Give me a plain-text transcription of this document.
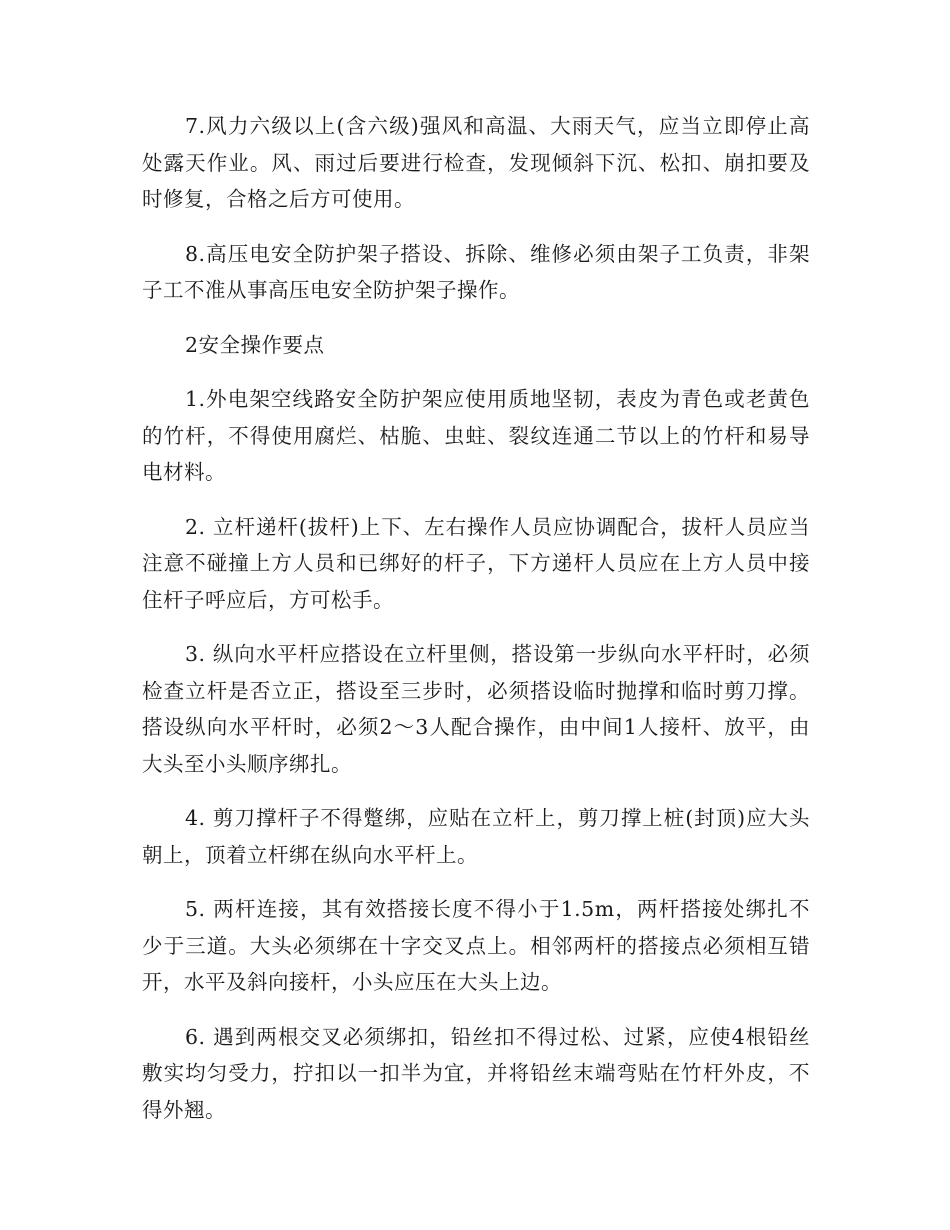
7.风力六级以上(含六级)强风和高温、大雨天气，应当立即停止高处露天作业。风、雨过后要进行检查，发现倾斜下沉、松扣、崩扣要及时修复，合格之后方可使用。

8.高压电安全防护架子搭设、拆除、维修必须由架子工负责，非架子工不准从事高压电安全防护架子操作。

2安全操作要点

1.外电架空线路安全防护架应使用质地坚韧，表皮为青色或老黄色的竹杆，不得使用腐烂、枯脆、虫蛀、裂纹连通二节以上的竹杆和易导电材料。

2. 立杆递杆(拔杆)上下、左右操作人员应协调配合，拔杆人员应当注意不碰撞上方人员和已绑好的杆子，下方递杆人员应在上方人员中接住杆子呼应后，方可松手。

3. 纵向水平杆应搭设在立杆里侧，搭设第一步纵向水平杆时，必须检查立杆是否立正，搭设至三步时，必须搭设临时抛撑和临时剪刀撑。搭设纵向水平杆时，必须2～3人配合操作，由中间1人接杆、放平，由大头至小头顺序绑扎。

4. 剪刀撑杆子不得蹩绑，应贴在立杆上，剪刀撑上桩(封顶)应大头朝上，顶着立杆绑在纵向水平杆上。

5. 两杆连接，其有效搭接长度不得小于1.5m，两杆搭接处绑扎不少于三道。大头必须绑在十字交叉点上。相邻两杆的搭接点必须相互错开，水平及斜向接杆，小头应压在大头上边。

6. 遇到两根交叉必须绑扣，铅丝扣不得过松、过紧，应使4根铅丝敷实均匀受力，拧扣以一扣半为宜，并将铅丝末端弯贴在竹杆外皮，不得外翘。
